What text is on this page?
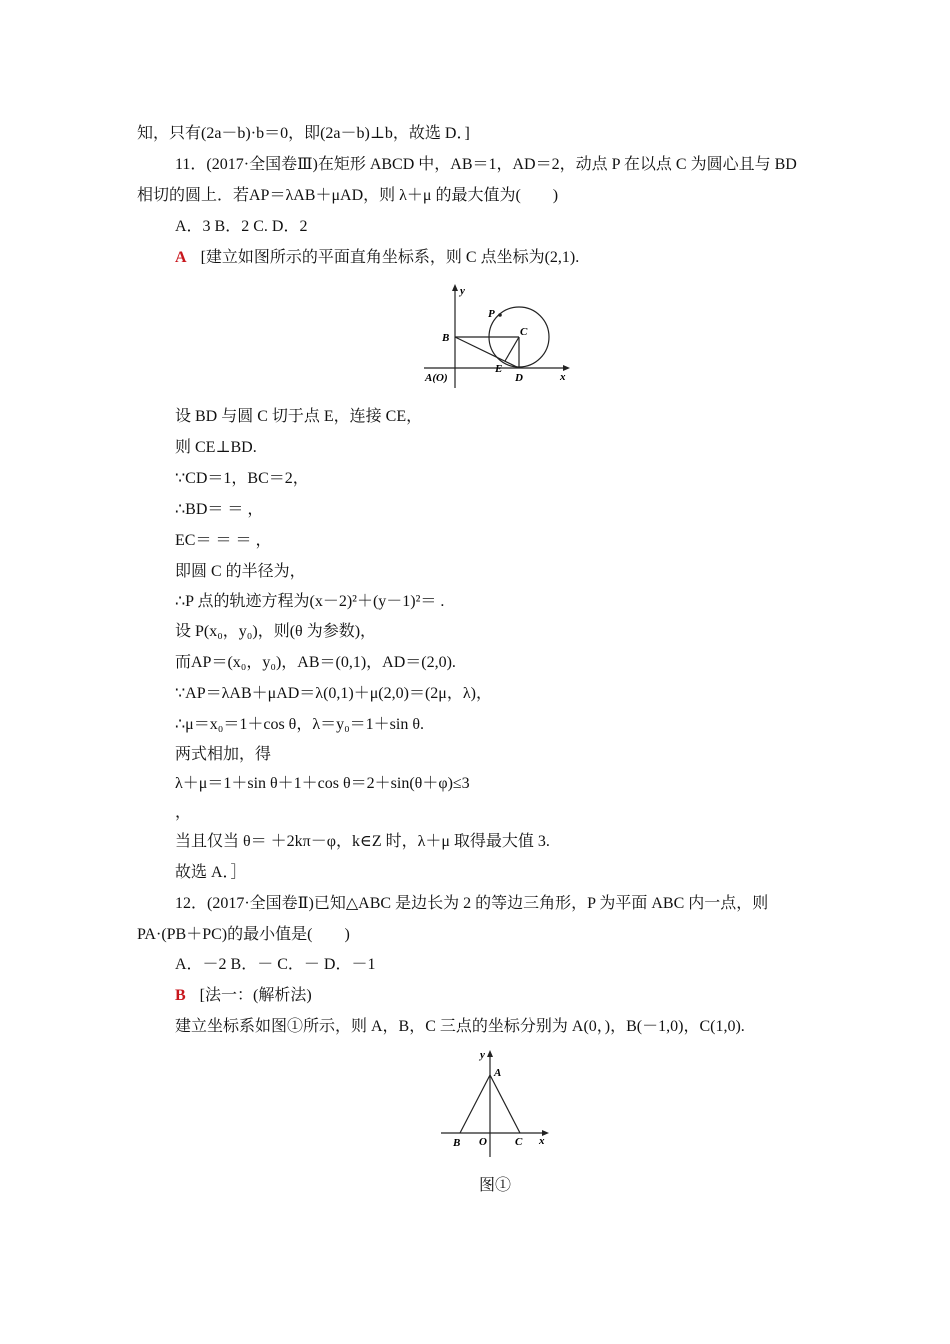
知，只有(2a－b)·b＝0，即(2a－b)⊥b，故选 D．]
11．(2017·全国卷Ⅲ)在矩形 ABCD 中，AB＝1，AD＝2，动点 P 在以点 C 为圆心且与 BD
相切的圆上．若AP＝λAB＋μAD，则 λ＋μ 的最大值为(　　)
A．3 B．2 C. D．2
A [建立如图所示的平面直角坐标系，则 C 点坐标为(2,1).
y
x
P
B	C
E
D
A(O)
设 BD 与圆 C 切于点 E，连接 CE，
则 CE⊥BD.
∵CD＝1，BC＝2，
∴BD＝ ＝ ，
EC＝ ＝ ＝ ，
即圆 C 的半径为，
∴P 点的轨迹方程为(x－2)²＋(y－1)²＝ .
设 P(x₀，y₀)，则(θ 为参数)，
而AP＝(x₀，y₀)，AB＝(0,1)，AD＝(2,0).
∵AP＝λAB＋μAD＝λ(0,1)＋μ(2,0)＝(2μ，λ)，
∴μ＝x₀＝1＋cos θ，λ＝y₀＝1＋sin θ.
两式相加，得
λ＋μ＝1＋sin θ＋1＋cos θ＝2＋sin(θ＋φ)≤3
，
当且仅当 θ＝ ＋2kπ－φ，k∈Z 时，λ＋μ 取得最大值 3.
故选 A．］
12．(2017·全国卷Ⅱ)已知△ABC 是边长为 2 的等边三角形，P 为平面 ABC 内一点，则
PA·(PB＋PC)的最小值是(　　)
A．－2 B．－ C．－ D．－1
B [法一：(解析法)
建立坐标系如图①所示，则 A，B，C 三点的坐标分别为 A(0，)，B(－1,0)，C(1,0).
y
x
A
B O	C
图①
